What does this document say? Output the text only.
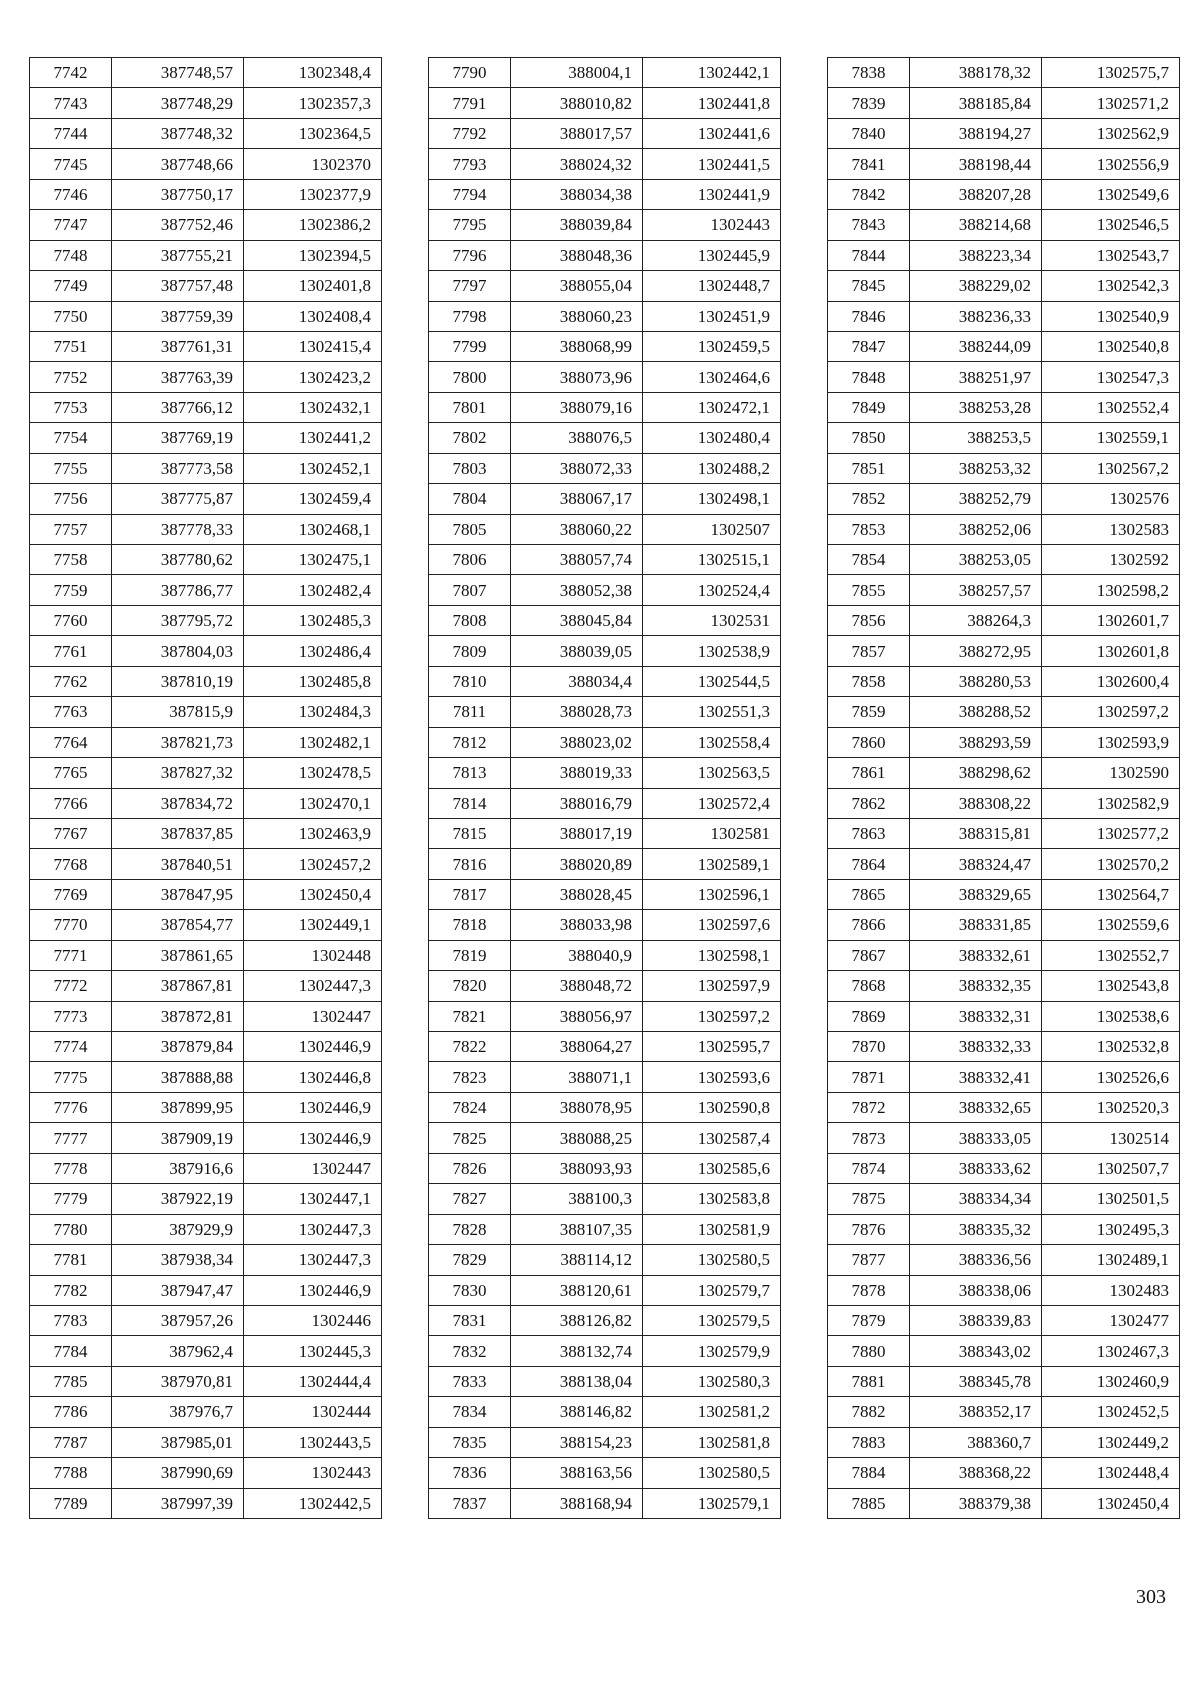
7742	387748,57	1302348,4
7743	387748,29	1302357,3
7744	387748,32	1302364,5
7745	387748,66	1302370
7746	387750,17	1302377,9
7747	387752,46	1302386,2
7748	387755,21	1302394,5
7749	387757,48	1302401,8
7750	387759,39	1302408,4
7751	387761,31	1302415,4
7752	387763,39	1302423,2
7753	387766,12	1302432,1
7754	387769,19	1302441,2
7755	387773,58	1302452,1
7756	387775,87	1302459,4
7757	387778,33	1302468,1
7758	387780,62	1302475,1
7759	387786,77	1302482,4
7760	387795,72	1302485,3
7761	387804,03	1302486,4
7762	387810,19	1302485,8
7763	387815,9	1302484,3
7764	387821,73	1302482,1
7765	387827,32	1302478,5
7766	387834,72	1302470,1
7767	387837,85	1302463,9
7768	387840,51	1302457,2
7769	387847,95	1302450,4
7770	387854,77	1302449,1
7771	387861,65	1302448
7772	387867,81	1302447,3
7773	387872,81	1302447
7774	387879,84	1302446,9
7775	387888,88	1302446,8
7776	387899,95	1302446,9
7777	387909,19	1302446,9
7778	387916,6	1302447
7779	387922,19	1302447,1
7780	387929,9	1302447,3
7781	387938,34	1302447,3
7782	387947,47	1302446,9
7783	387957,26	1302446
7784	387962,4	1302445,3
7785	387970,81	1302444,4
7786	387976,7	1302444
7787	387985,01	1302443,5
7788	387990,69	1302443
7789	387997,39	1302442,5
7790	388004,1	1302442,1
7791	388010,82	1302441,8
7792	388017,57	1302441,6
7793	388024,32	1302441,5
7794	388034,38	1302441,9
7795	388039,84	1302443
7796	388048,36	1302445,9
7797	388055,04	1302448,7
7798	388060,23	1302451,9
7799	388068,99	1302459,5
7800	388073,96	1302464,6
7801	388079,16	1302472,1
7802	388076,5	1302480,4
7803	388072,33	1302488,2
7804	388067,17	1302498,1
7805	388060,22	1302507
7806	388057,74	1302515,1
7807	388052,38	1302524,4
7808	388045,84	1302531
7809	388039,05	1302538,9
7810	388034,4	1302544,5
7811	388028,73	1302551,3
7812	388023,02	1302558,4
7813	388019,33	1302563,5
7814	388016,79	1302572,4
7815	388017,19	1302581
7816	388020,89	1302589,1
7817	388028,45	1302596,1
7818	388033,98	1302597,6
7819	388040,9	1302598,1
7820	388048,72	1302597,9
7821	388056,97	1302597,2
7822	388064,27	1302595,7
7823	388071,1	1302593,6
7824	388078,95	1302590,8
7825	388088,25	1302587,4
7826	388093,93	1302585,6
7827	388100,3	1302583,8
7828	388107,35	1302581,9
7829	388114,12	1302580,5
7830	388120,61	1302579,7
7831	388126,82	1302579,5
7832	388132,74	1302579,9
7833	388138,04	1302580,3
7834	388146,82	1302581,2
7835	388154,23	1302581,8
7836	388163,56	1302580,5
7837	388168,94	1302579,1
7838	388178,32	1302575,7
7839	388185,84	1302571,2
7840	388194,27	1302562,9
7841	388198,44	1302556,9
7842	388207,28	1302549,6
7843	388214,68	1302546,5
7844	388223,34	1302543,7
7845	388229,02	1302542,3
7846	388236,33	1302540,9
7847	388244,09	1302540,8
7848	388251,97	1302547,3
7849	388253,28	1302552,4
7850	388253,5	1302559,1
7851	388253,32	1302567,2
7852	388252,79	1302576
7853	388252,06	1302583
7854	388253,05	1302592
7855	388257,57	1302598,2
7856	388264,3	1302601,7
7857	388272,95	1302601,8
7858	388280,53	1302600,4
7859	388288,52	1302597,2
7860	388293,59	1302593,9
7861	388298,62	1302590
7862	388308,22	1302582,9
7863	388315,81	1302577,2
7864	388324,47	1302570,2
7865	388329,65	1302564,7
7866	388331,85	1302559,6
7867	388332,61	1302552,7
7868	388332,35	1302543,8
7869	388332,31	1302538,6
7870	388332,33	1302532,8
7871	388332,41	1302526,6
7872	388332,65	1302520,3
7873	388333,05	1302514
7874	388333,62	1302507,7
7875	388334,34	1302501,5
7876	388335,32	1302495,3
7877	388336,56	1302489,1
7878	388338,06	1302483
7879	388339,83	1302477
7880	388343,02	1302467,3
7881	388345,78	1302460,9
7882	388352,17	1302452,5
7883	388360,7	1302449,2
7884	388368,22	1302448,4
7885	388379,38	1302450,4
303
